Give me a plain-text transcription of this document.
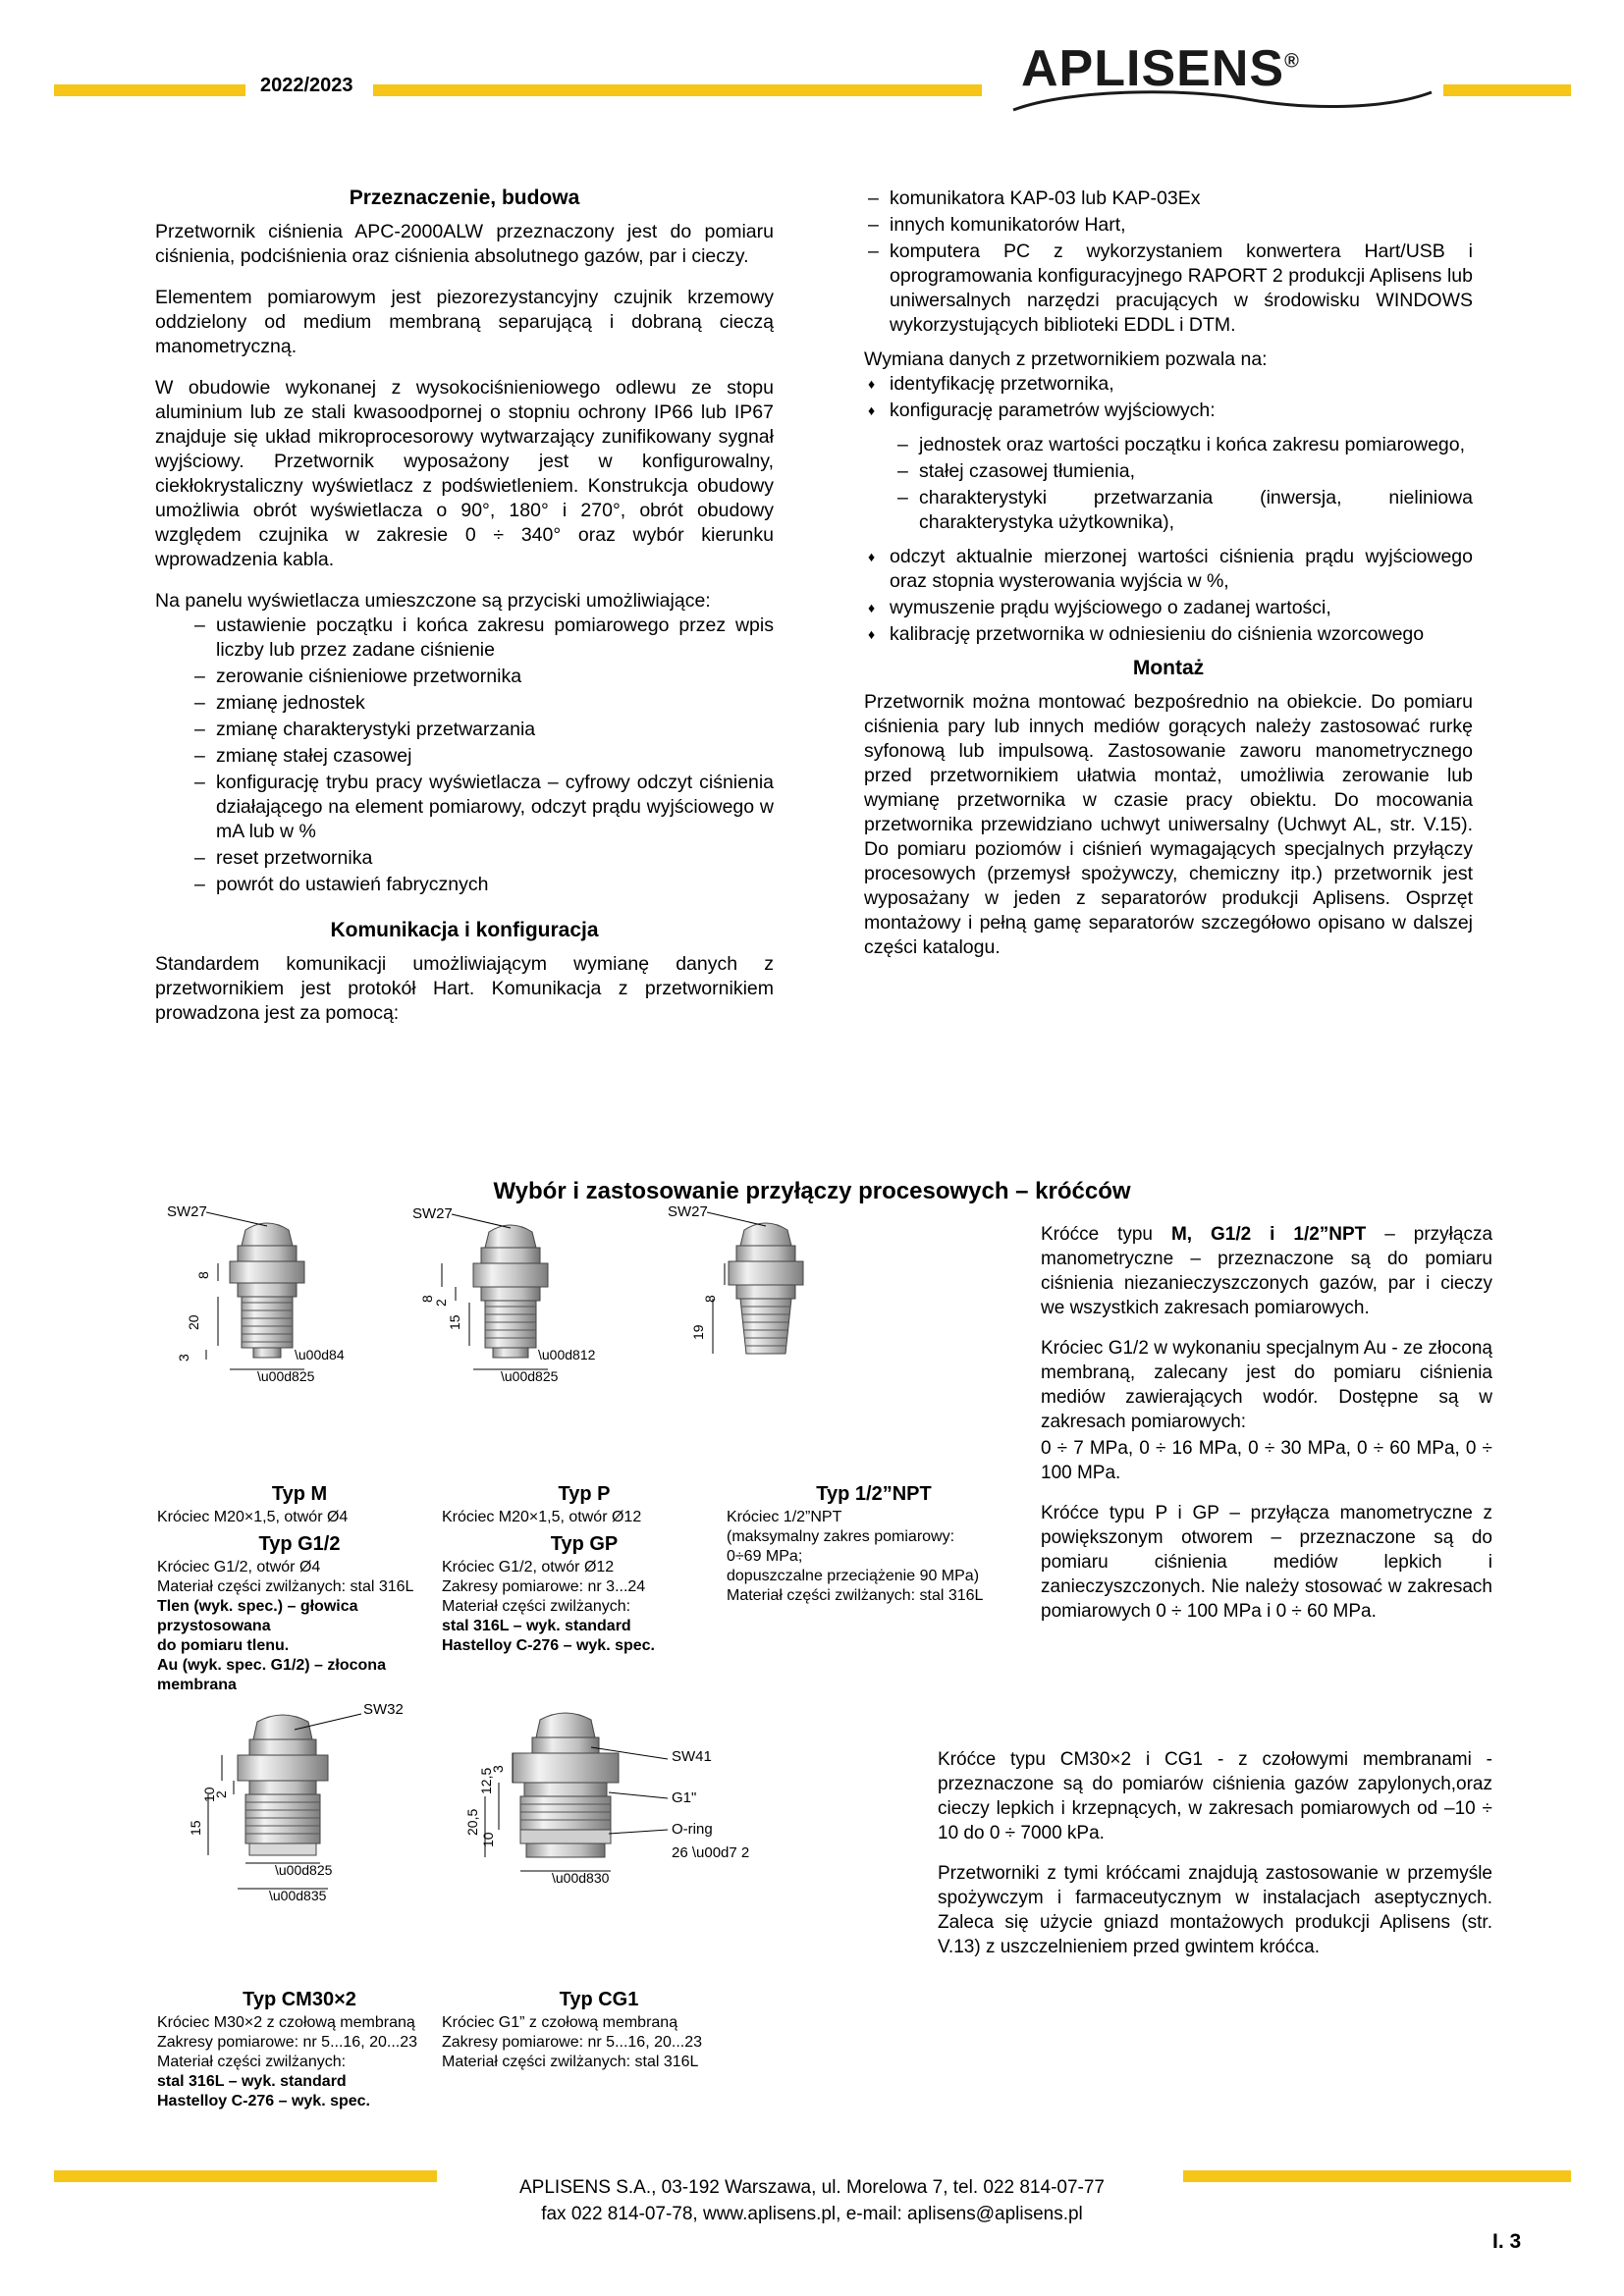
2022/2023	APLISENS®
Przeznaczenie, budowa

Przetwornik ciśnienia APC-2000ALW przeznaczony jest do pomiaru ciśnienia, podciśnienia oraz ciśnienia absolutnego gazów, par i cieczy.

Elementem pomiarowym jest piezorezystancyjny czujnik krzemowy oddzielony od medium membraną separującą i dobraną cieczą manometryczną.

W obudowie wykonanej z wysokociśnieniowego odlewu ze stopu aluminium lub ze stali kwasoodpornej o stopniu ochrony IP66 lub IP67 znajduje się układ mikroprocesorowy wytwarzający zunifikowany sygnał wyjściowy. Przetwornik wyposażony jest w konfigurowalny, ciekłokrystaliczny wyświetlacz z podświetleniem. Konstrukcja obudowy umożliwia obrót wyświetlacza o 90°, 180° i 270°, obrót obudowy względem czujnika w zakresie 0 ÷ 340° oraz wybór kierunku wprowadzenia kabla.

Na panelu wyświetlacza umieszczone są przyciski umożliwiające:

– ustawienie początku i końca zakresu pomiarowego przez wpis liczby lub przez zadane ciśnienie
– zerowanie ciśnieniowe przetwornika
– zmianę jednostek
– zmianę charakterystyki przetwarzania
– zmianę stałej czasowej
– konfigurację trybu pracy wyświetlacza – cyfrowy odczyt ciśnienia działającego na element pomiarowy, odczyt prądu wyjściowego w mA lub w %
– reset przetwornika
– powrót do ustawień fabrycznych
Komunikacja i konfiguracja

Standardem komunikacji umożliwiającym wymianę danych z przetwornikiem jest protokół Hart. Komunikacja z przetwornikiem prowadzona jest za pomocą:

– komunikatora KAP-03 lub KAP-03Ex
– innych komunikatorów Hart,
– komputera PC z wykorzystaniem konwertera Hart/USB i oprogramowania konfiguracyjnego RAPORT 2 produkcji Aplisens lub uniwersalnych narzędzi pracujących w środowisku WINDOWS wykorzystujących biblioteki EDDL i DTM.

Wymiana danych z przetwornikiem pozwala na:

♦ identyfikację przetwornika,
♦ konfigurację parametrów wyjściowych:
– jednostek oraz wartości początku i końca zakresu pomiarowego,
– stałej czasowej tłumienia,
– charakterystyki przetwarzania (inwersja, nieliniowa charakterystyka użytkownika),
♦ odczyt aktualnie mierzonej wartości ciśnienia prądu wyjściowego oraz stopnia wysterowania wyjścia w %,
♦ wymuszenie prądu wyjściowego o zadanej wartości,
♦ kalibrację przetwornika w odniesieniu do ciśnienia wzorcowego
Montaż

Przetwornik można montować bezpośrednio na obiekcie. Do pomiaru ciśnienia pary lub innych mediów gorących należy zastosować rurkę syfonową lub impulsową. Zastosowanie zaworu manometrycznego przed przetwornikiem ułatwia montaż, umożliwia zerowanie lub wymianę przetwornika w czasie pracy obiektu. Do mocowania przetwornika przewidziano uchwyt uniwersalny (Uchwyt AL, str. V.15). Do pomiaru poziomów i ciśnień wymagających specjalnych przyłączy procesowych (przemysł spożywczy, chemiczny itp.) przetwornik jest wyposażany w jeden z separatorów produkcji Aplisens. Osprzęt montażowy i pełną gamę separatorów szczegółowo opisano w dalszej części katalogu.

Wybór i zastosowanie przyłączy procesowych – króćców
SW27
8
20
3	\u00d84
\u00d825
SW27
15
2
8
\u00d812
\u00d825
SW27
8
19
Typ M
Króciec M20×1,5, otwór Ø4
Typ G1/2
Króciec G1/2, otwór Ø4
Materiał części zwilżanych: stal 316L
Tlen (wyk. spec.) – głowica przystosowana
do pomiaru tlenu.
Au (wyk. spec. G1/2) – złocona membrana
Typ P
Króciec M20×1,5, otwór Ø12
Typ GP
Króciec G1/2, otwór Ø12
Zakresy pomiarowe: nr 3...24
Materiał części zwilżanych:
stal 316L – wyk. standard
Hastelloy C-276 – wyk. spec.
Typ 1/2”NPT
Króciec 1/2”NPT
(maksymalny zakres pomiarowy:
0÷69 MPa;
dopuszczalne przeciążenie 90 MPa)
Materiał części zwilżanych: stal 316L

Króćce typu M, G1/2 i 1/2”NPT – przyłącza manometryczne – przeznaczone są do pomiaru ciśnienia niezanieczyszczonych gazów, par i cieczy we wszystkich zakresach pomiarowych.

Króciec G1/2 w wykonaniu specjalnym Au - ze złoconą membraną, zalecany jest do pomiaru ciśnienia mediów zawierających wodór. Dostępne są w zakresach pomiarowych:

0 ÷ 7 MPa, 0 ÷ 16 MPa, 0 ÷ 30 MPa, 0 ÷ 60 MPa, 0 ÷ 100 MPa.

Króćce typu P i GP – przyłącza manometryczne z powiększonym otworem – przeznaczone są do pomiaru ciśnienia mediów lepkich i zanieczyszczonych. Nie należy stosować w zakresach pomiarowych 0 ÷ 100 MPa i 0 ÷ 60 MPa.

SW32
2
10
15
\u00d825
\u00d835
SW41
G1"
O-ring
26 \u00d7 2
3
12,5
20,5
10
\u00d830
Typ CM30×2
Króciec M30×2 z czołową membraną
Zakresy pomiarowe: nr 5...16, 20...23
Materiał części zwilżanych:
stal 316L – wyk. standard
Hastelloy C-276 – wyk. spec.
Typ CG1
Króciec G1” z czołową membraną
Zakresy pomiarowe: nr 5...16, 20...23
Materiał części zwilżanych: stal 316L

Króćce typu CM30×2 i CG1 - z czołowymi membranami - przeznaczone są do pomiarów ciśnienia gazów zapylonych,oraz cieczy lepkich i krzepnących, w zakresach pomiarowych od –10 ÷ 10 do 0 ÷ 7000 kPa.

Przetworniki z tymi króćcami znajdują zastosowanie w przemyśle spożywczym i farmaceutycznym w instalacjach aseptycznych. Zaleca się użycie gniazd montażowych produkcji Aplisens (str. V.13) z uszczelnieniem przed gwintem króćca.

APLISENS S.A., 03-192 Warszawa, ul. Morelowa 7, tel. 022 814-07-77
fax 022 814-07-78, www.aplisens.pl, e-mail: aplisens@aplisens.pl
I. 3
